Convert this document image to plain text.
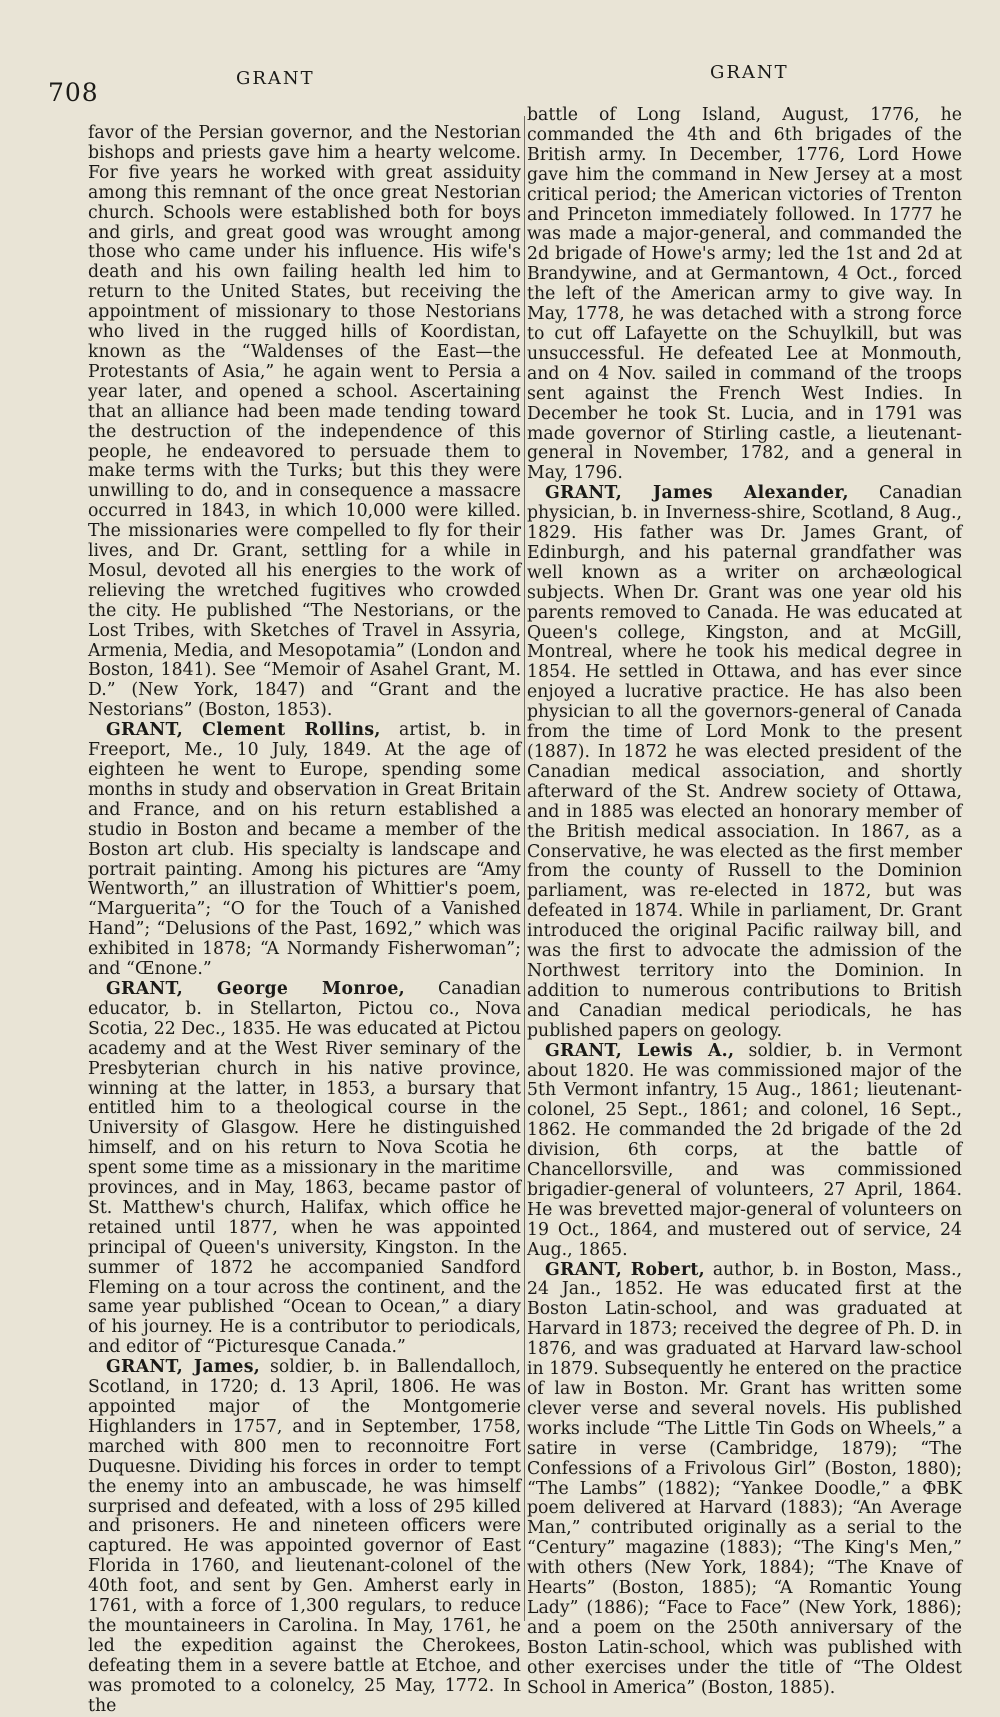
708	GRANT	GRANT

favor of the Persian governor, and the Nestorian bishops and priests gave him a hearty welcome. For five years he worked with great assiduity among this remnant of the once great Nestorian church. Schools were established both for boys and girls, and great good was wrought among those who came under his influence. His wife's death and his own failing health led him to return to the United States, but receiving the appointment of missionary to those Nestorians who lived in the rugged hills of Koordistan, known as the “Waldenses of the East—the Protestants of Asia,” he again went to Persia a year later, and opened a school. Ascertaining that an alliance had been made tending toward the destruction of the independence of this people, he endeavored to persuade them to make terms with the Turks; but this they were unwilling to do, and in consequence a massacre occurred in 1843, in which 10,000 were killed. The missionaries were compelled to fly for their lives, and Dr. Grant, settling for a while in Mosul, devoted all his energies to the work of relieving the wretched fugitives who crowded the city. He published “The Nestorians, or the Lost Tribes, with Sketches of Travel in Assyria, Armenia, Media, and Mesopotamia” (London and Boston, 1841). See “Memoir of Asahel Grant, M. D.” (New York, 1847) and “Grant and the Nestorians” (Boston, 1853).

GRANT, Clement Rollins, artist, b. in Freeport, Me., 10 July, 1849. At the age of eighteen he went to Europe, spending some months in study and observation in Great Britain and France, and on his return established a studio in Boston and became a member of the Boston art club. His specialty is landscape and portrait painting. Among his pictures are “Amy Wentworth,” an illustration of Whittier's poem, “Marguerita”; “O for the Touch of a Vanished Hand”; “Delusions of the Past, 1692,” which was exhibited in 1878; “A Normandy Fisherwoman”; and “Œnone.”

GRANT, George Monroe, Canadian educator, b. in Stellarton, Pictou co., Nova Scotia, 22 Dec., 1835. He was educated at Pictou academy and at the West River seminary of the Presbyterian church in his native province, winning at the latter, in 1853, a bursary that entitled him to a theological course in the University of Glasgow. Here he distinguished himself, and on his return to Nova Scotia he spent some time as a missionary in the maritime provinces, and in May, 1863, became pastor of St. Matthew's church, Halifax, which office he retained until 1877, when he was appointed principal of Queen's university, Kingston. In the summer of 1872 he accompanied Sandford Fleming on a tour across the continent, and the same year published “Ocean to Ocean,” a diary of his journey. He is a contributor to periodicals, and editor of “Picturesque Canada.”

GRANT, James, soldier, b. in Ballendalloch, Scotland, in 1720; d. 13 April, 1806. He was appointed major of the Montgomerie Highlanders in 1757, and in September, 1758, marched with 800 men to reconnoitre Fort Duquesne. Dividing his forces in order to tempt the enemy into an ambuscade, he was himself surprised and defeated, with a loss of 295 killed and prisoners. He and nineteen officers were captured. He was appointed governor of East Florida in 1760, and lieutenant-colonel of the 40th foot, and sent by Gen. Amherst early in 1761, with a force of 1,300 regulars, to reduce the mountaineers in Carolina. In May, 1761, he led the expedition against the Cherokees, defeating them in a severe battle at Etchoe, and was promoted to a colonelcy, 25 May, 1772. In the

battle of Long Island, August, 1776, he commanded the 4th and 6th brigades of the British army. In December, 1776, Lord Howe gave him the command in New Jersey at a most critical period; the American victories of Trenton and Princeton immediately followed. In 1777 he was made a major-general, and commanded the 2d brigade of Howe's army; led the 1st and 2d at Brandywine, and at Germantown, 4 Oct., forced the left of the American army to give way. In May, 1778, he was detached with a strong force to cut off Lafayette on the Schuylkill, but was unsuccessful. He defeated Lee at Monmouth, and on 4 Nov. sailed in command of the troops sent against the French West Indies. In December he took St. Lucia, and in 1791 was made governor of Stirling castle, a lieutenant-general in November, 1782, and a general in May, 1796.

GRANT, James Alexander, Canadian physician, b. in Inverness-shire, Scotland, 8 Aug., 1829. His father was Dr. James Grant, of Edinburgh, and his paternal grandfather was well known as a writer on archæological subjects. When Dr. Grant was one year old his parents removed to Canada. He was educated at Queen's college, Kingston, and at McGill, Montreal, where he took his medical degree in 1854. He settled in Ottawa, and has ever since enjoyed a lucrative practice. He has also been physician to all the governors-general of Canada from the time of Lord Monk to the present (1887). In 1872 he was elected president of the Canadian medical association, and shortly afterward of the St. Andrew society of Ottawa, and in 1885 was elected an honorary member of the British medical association. In 1867, as a Conservative, he was elected as the first member from the county of Russell to the Dominion parliament, was re-elected in 1872, but was defeated in 1874. While in parliament, Dr. Grant introduced the original Pacific railway bill, and was the first to advocate the admission of the Northwest territory into the Dominion. In addition to numerous contributions to British and Canadian medical periodicals, he has published papers on geology.

GRANT, Lewis A., soldier, b. in Vermont about 1820. He was commissioned major of the 5th Vermont infantry, 15 Aug., 1861; lieutenant-colonel, 25 Sept., 1861; and colonel, 16 Sept., 1862. He commanded the 2d brigade of the 2d division, 6th corps, at the battle of Chancellorsville, and was commissioned brigadier-general of volunteers, 27 April, 1864. He was brevetted major-general of volunteers on 19 Oct., 1864, and mustered out of service, 24 Aug., 1865.

GRANT, Robert, author, b. in Boston, Mass., 24 Jan., 1852. He was educated first at the Boston Latin-school, and was graduated at Harvard in 1873; received the degree of Ph. D. in 1876, and was graduated at Harvard law-school in 1879. Subsequently he entered on the practice of law in Boston. Mr. Grant has written some clever verse and several novels. His published works include “The Little Tin Gods on Wheels,” a satire in verse (Cambridge, 1879); “The Confessions of a Frivolous Girl” (Boston, 1880); “The Lambs” (1882); “Yankee Doodle,” a ΦBK poem delivered at Harvard (1883); “An Average Man,” contributed originally as a serial to the “Century” magazine (1883); “The King's Men,” with others (New York, 1884); “The Knave of Hearts” (Boston, 1885); “A Romantic Young Lady” (1886); “Face to Face” (New York, 1886); and a poem on the 250th anniversary of the Boston Latin-school, which was published with other exercises under the title of “The Oldest School in America” (Boston, 1885).
